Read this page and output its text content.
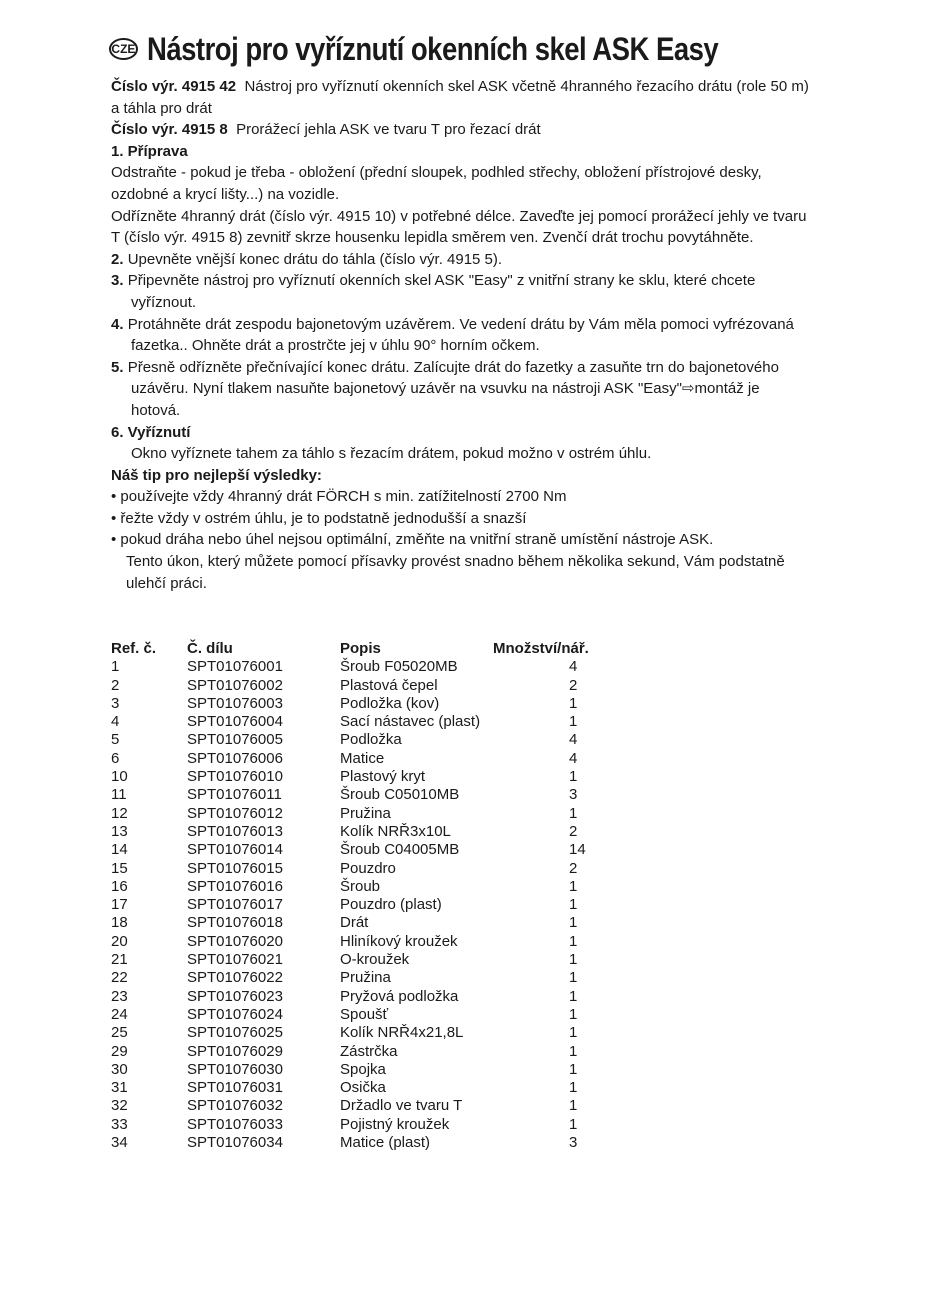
CZE Nástroj pro vyříznutí okenních skel ASK Easy

Číslo výr. 4915 42 Nástroj pro vyříznutí okenních skel ASK včetně 4hranného řezacího drátu (role 50 m) a táhla pro drát

Číslo výr. 4915 8 Prorážecí jehla ASK ve tvaru T pro řezací drát

1. Příprava

Odstraňte - pokud je třeba - obložení (přední sloupek, podhled střechy, obložení přístrojové desky, ozdobné a krycí lišty...) na vozidle.

Odřízněte 4hranný drát (číslo výr. 4915 10) v potřebné délce. Zaveďte jej pomocí prorážecí jehly ve tvaru T (číslo výr. 4915 8) zevnitř skrze housenku lepidla směrem ven. Zvenčí drát trochu povytáhněte.

2. Upevněte vnější konec drátu do táhla (číslo výr. 4915 5).

3. Připevněte nástroj pro vyříznutí okenních skel ASK "Easy" z vnitřní strany ke sklu, které chcete vyříznout.

4. Protáhněte drát zespodu bajonetovým uzávěrem. Ve vedení drátu by Vám měla pomoci vyfrézovaná fazetka.. Ohněte drát a prostrčte jej v úhlu 90° horním očkem.

5. Přesně odřízněte přečnívající konec drátu. Zalícujte drát do fazetky a zasuňte trn do bajonetového uzávěru. Nyní tlakem nasuňte bajonetový uzávěr na vsuvku na nástroji ASK "Easy"⇨montáž je hotová.

6. Vyříznutí

Okno vyříznete tahem za táhlo s řezacím drátem, pokud možno v ostrém úhlu.

Náš tip pro nejlepší výsledky:

• používejte vždy 4hranný drát FÖRCH s min. zatížitelností 2700 Nm

• řežte vždy v ostrém úhlu, je to podstatně jednodušší a snazší

• pokud dráha nebo úhel nejsou optimální, změňte na vnitřní straně umístění nástroje ASK.

Tento úkon, který můžete pomocí přísavky provést snadno během několika sekund, Vám podstatně ulehčí práci.

Ref. č.	Č. dílu	Popis	Množství/nář.
1	SPT01076001	Šroub F05020MB	4
2	SPT01076002	Plastová čepel	2
3	SPT01076003	Podložka (kov)	1
4	SPT01076004	Sací nástavec (plast)	1
5	SPT01076005	Podložka	4
6	SPT01076006	Matice	4
10	SPT01076010	Plastový kryt	1
11	SPT01076011	Šroub C05010MB	3
12	SPT01076012	Pružina	1
13	SPT01076013	Kolík NRŘ3x10L	2
14	SPT01076014	Šroub C04005MB	14
15	SPT01076015	Pouzdro	2
16	SPT01076016	Šroub	1
17	SPT01076017	Pouzdro (plast)	1
18	SPT01076018	Drát	1
20	SPT01076020	Hliníkový kroužek	1
21	SPT01076021	O-kroužek	1
22	SPT01076022	Pružina	1
23	SPT01076023	Pryžová podložka	1
24	SPT01076024	Spoušť	1
25	SPT01076025	Kolík NRŘ4x21,8L	1
29	SPT01076029	Zástrčka	1
30	SPT01076030	Spojka	1
31	SPT01076031	Osička	1
32	SPT01076032	Držadlo ve tvaru T	1
33	SPT01076033	Pojistný kroužek	1
34	SPT01076034	Matice (plast)	3
